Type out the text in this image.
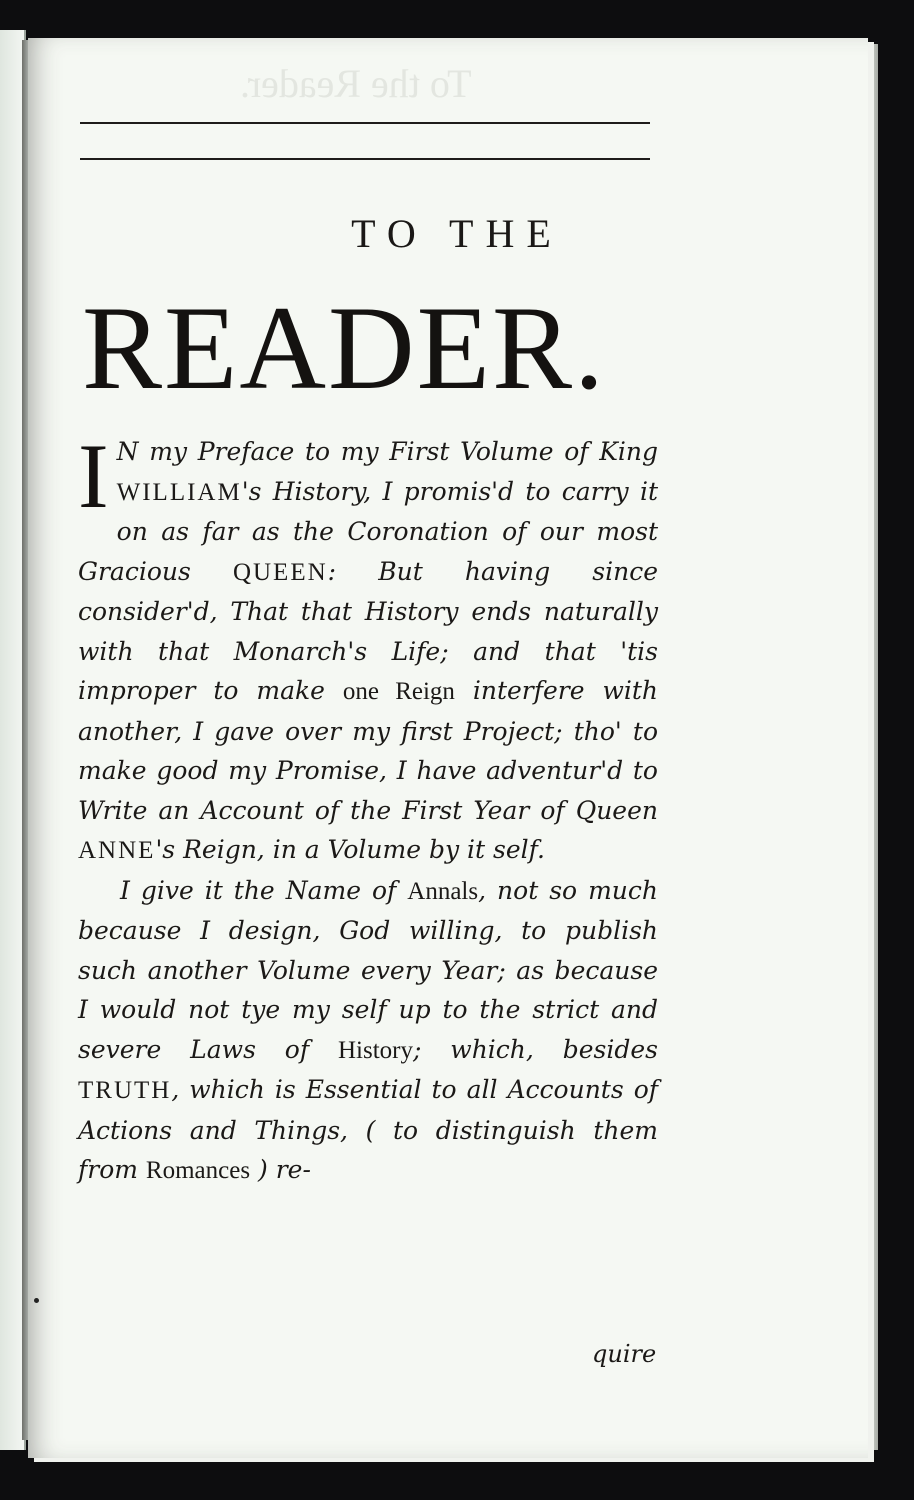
To the Reader.
TO THE
READER.

I N my Preface to my First Volume of King WILLIAM's History, I promis'd to carry it on as far as the Coronation of our most Gracious QUEEN: But having since consider'd, That that History ends naturally with that Monarch's Life; and that 'tis improper to make one Reign interfere with another, I gave over my first Project; tho' to make good my Promise, I have adventur'd to Write an Account of the First Year of Queen ANNE's Reign, in a Volume by it self.

I give it the Name of Annals, not so much because I design, God willing, to publish such another Volume every Year; as because I would not tye my self up to the strict and severe Laws of History; which, besides TRUTH, which is Essential to all Accounts of Actions and Things, ( to distinguish them from Romances ) re-

quire
